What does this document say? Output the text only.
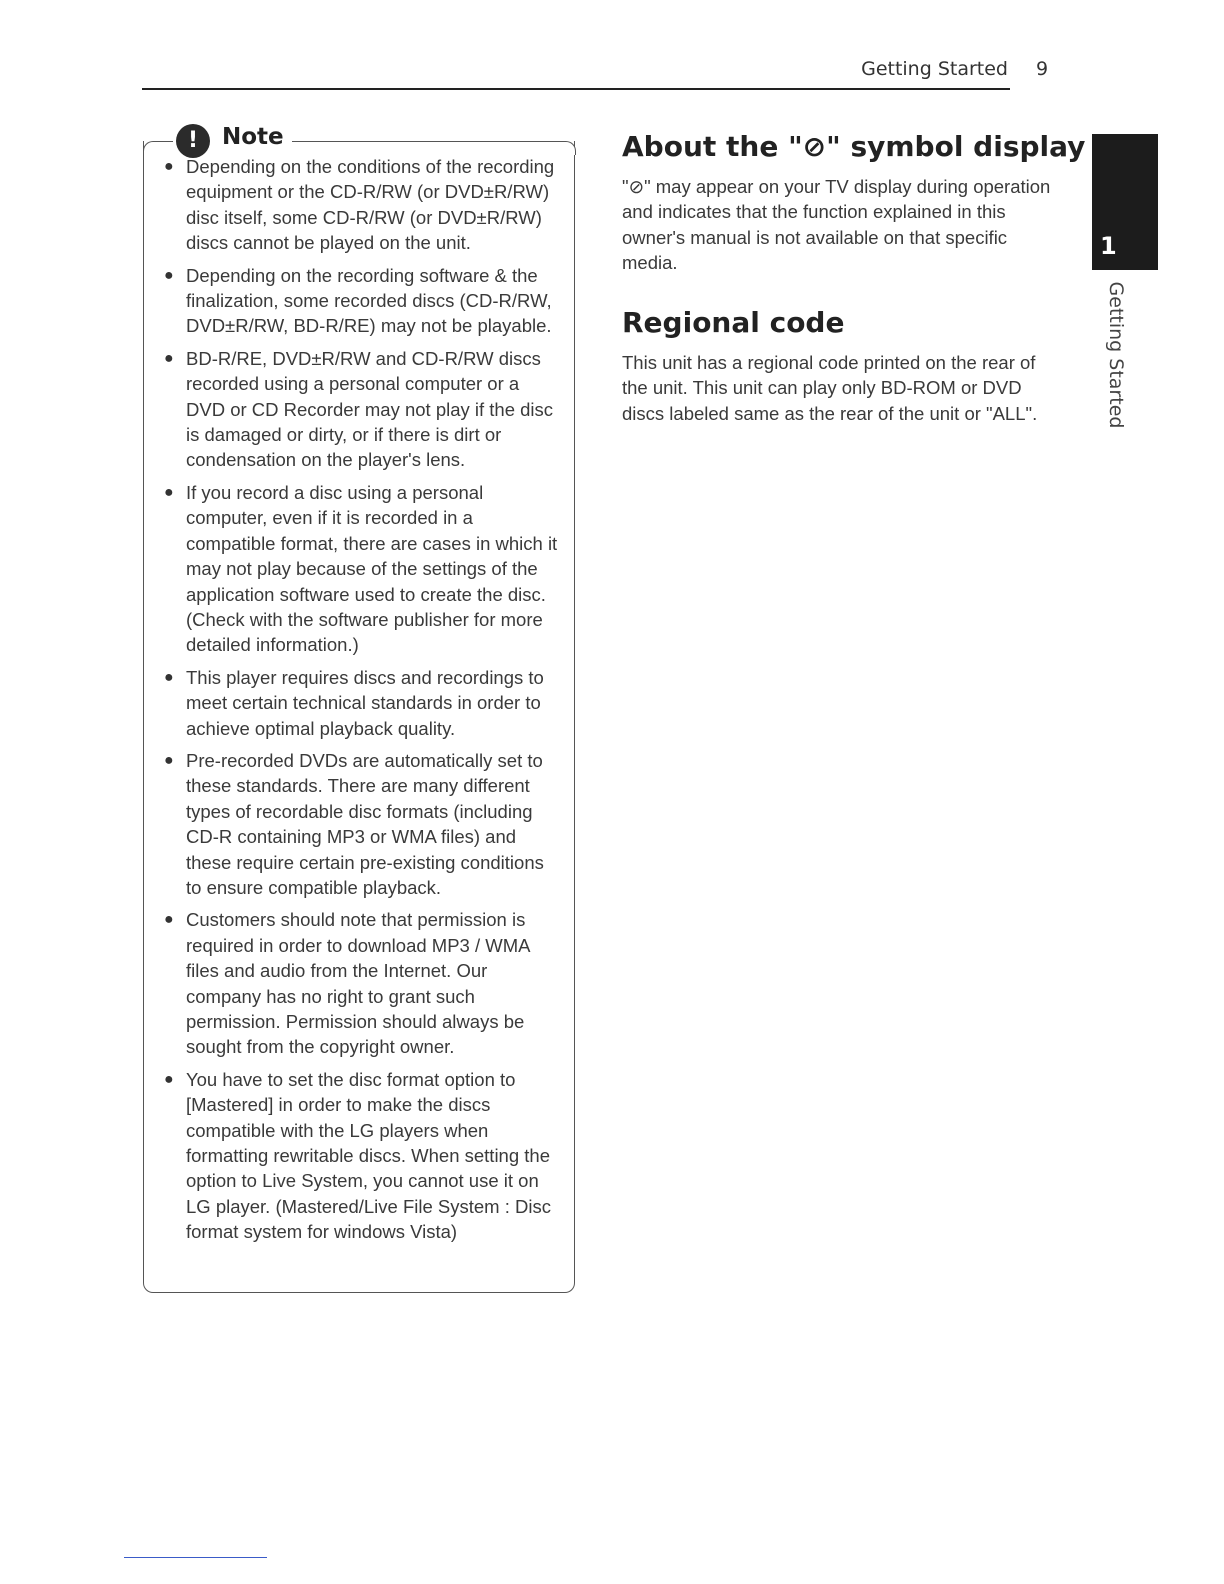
Getting Started 9
!	Note
● Depending on the conditions of the recording equipment or the CD-R/RW (or DVD±R/RW) disc itself, some CD-R/RW (or DVD±R/RW) discs cannot be played on the unit.
● Depending on the recording software & the finalization, some recorded discs (CD-R/RW, DVD±R/RW, BD-R/RE) may not be playable.
● BD-R/RE, DVD±R/RW and CD-R/RW discs recorded using a personal computer or a DVD or CD Recorder may not play if the disc is damaged or dirty, or if there is dirt or condensation on the player's lens.
● If you record a disc using a personal computer, even if it is recorded in a compatible format, there are cases in which it may not play because of the settings of the application software used to create the disc. (Check with the software publisher for more detailed information.)
● This player requires discs and recordings to meet certain technical standards in order to achieve optimal playback quality.
● Pre-recorded DVDs are automatically set to these standards. There are many different types of recordable disc formats (including CD-R containing MP3 or WMA files) and these require certain pre-existing conditions to ensure compatible playback.
● Customers should note that permission is required in order to download MP3 / WMA files and audio from the Internet. Our company has no right to grant such permission. Permission should always be sought from the copyright owner.
● You have to set the disc format option to [Mastered] in order to make the discs compatible with the LG players when formatting rewritable discs. When setting the option to Live System, you cannot use it on LG player. (Mastered/Live File System : Disc format system for windows Vista)
About the "⊘" symbol display

"⊘" may appear on your TV display during operation and indicates that the function explained in this owner's manual is not available on that specific media.

Regional code

This unit has a regional code printed on the rear of the unit. This unit can play only BD-ROM or DVD discs labeled same as the rear of the unit or "ALL".

1
Getting Started
